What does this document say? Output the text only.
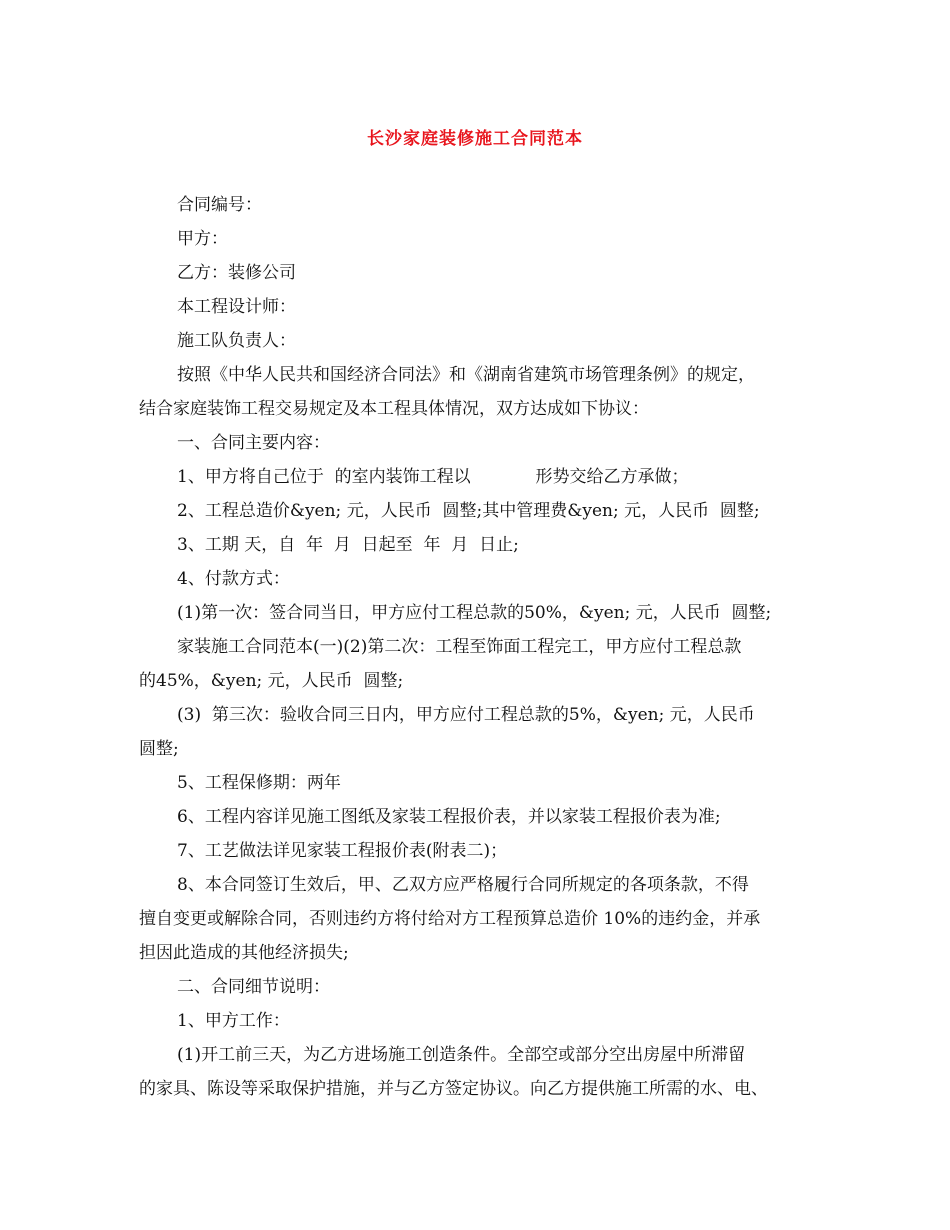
长沙家庭装修施工合同范本
合同编号：
甲方：
乙方：装修公司
本工程设计师：
施工队负责人：
按照《中华人民共和国经济合同法》和《湖南省建筑市场管理条例》的规定，
结合家庭装饰工程交易规定及本工程具体情况，双方达成如下协议：
一、合同主要内容：
1、甲方将自己位于  的室内装饰工程以            形势交给乙方承做；
2、工程总造价&yen; 元，人民币  圆整;其中管理费&yen; 元，人民币  圆整;
3、工期 天，自  年  月  日起至  年  月  日止;
4、付款方式：
(1)第一次：签合同当日，甲方应付工程总款的50%，&yen; 元，人民币  圆整;
家装施工合同范本(一)(2)第二次：工程至饰面工程完工，甲方应付工程总款
的45%，&yen; 元，人民币  圆整;
(3)  第三次：验收合同三日内，甲方应付工程总款的5%，&yen; 元，人民币
圆整;
5、工程保修期：两年
6、工程内容详见施工图纸及家装工程报价表，并以家装工程报价表为准;
7、工艺做法详见家装工程报价表(附表二)；
8、本合同签订生效后，甲、乙双方应严格履行合同所规定的各项条款，不得
擅自变更或解除合同，否则违约方将付给对方工程预算总造价 10%的违约金，并承
担因此造成的其他经济损失;
二、合同细节说明：
1、甲方工作：
(1)开工前三天，为乙方进场施工创造条件。全部空或部分空出房屋中所滞留
的家具、陈设等采取保护措施，并与乙方签定协议。向乙方提供施工所需的水、电、
